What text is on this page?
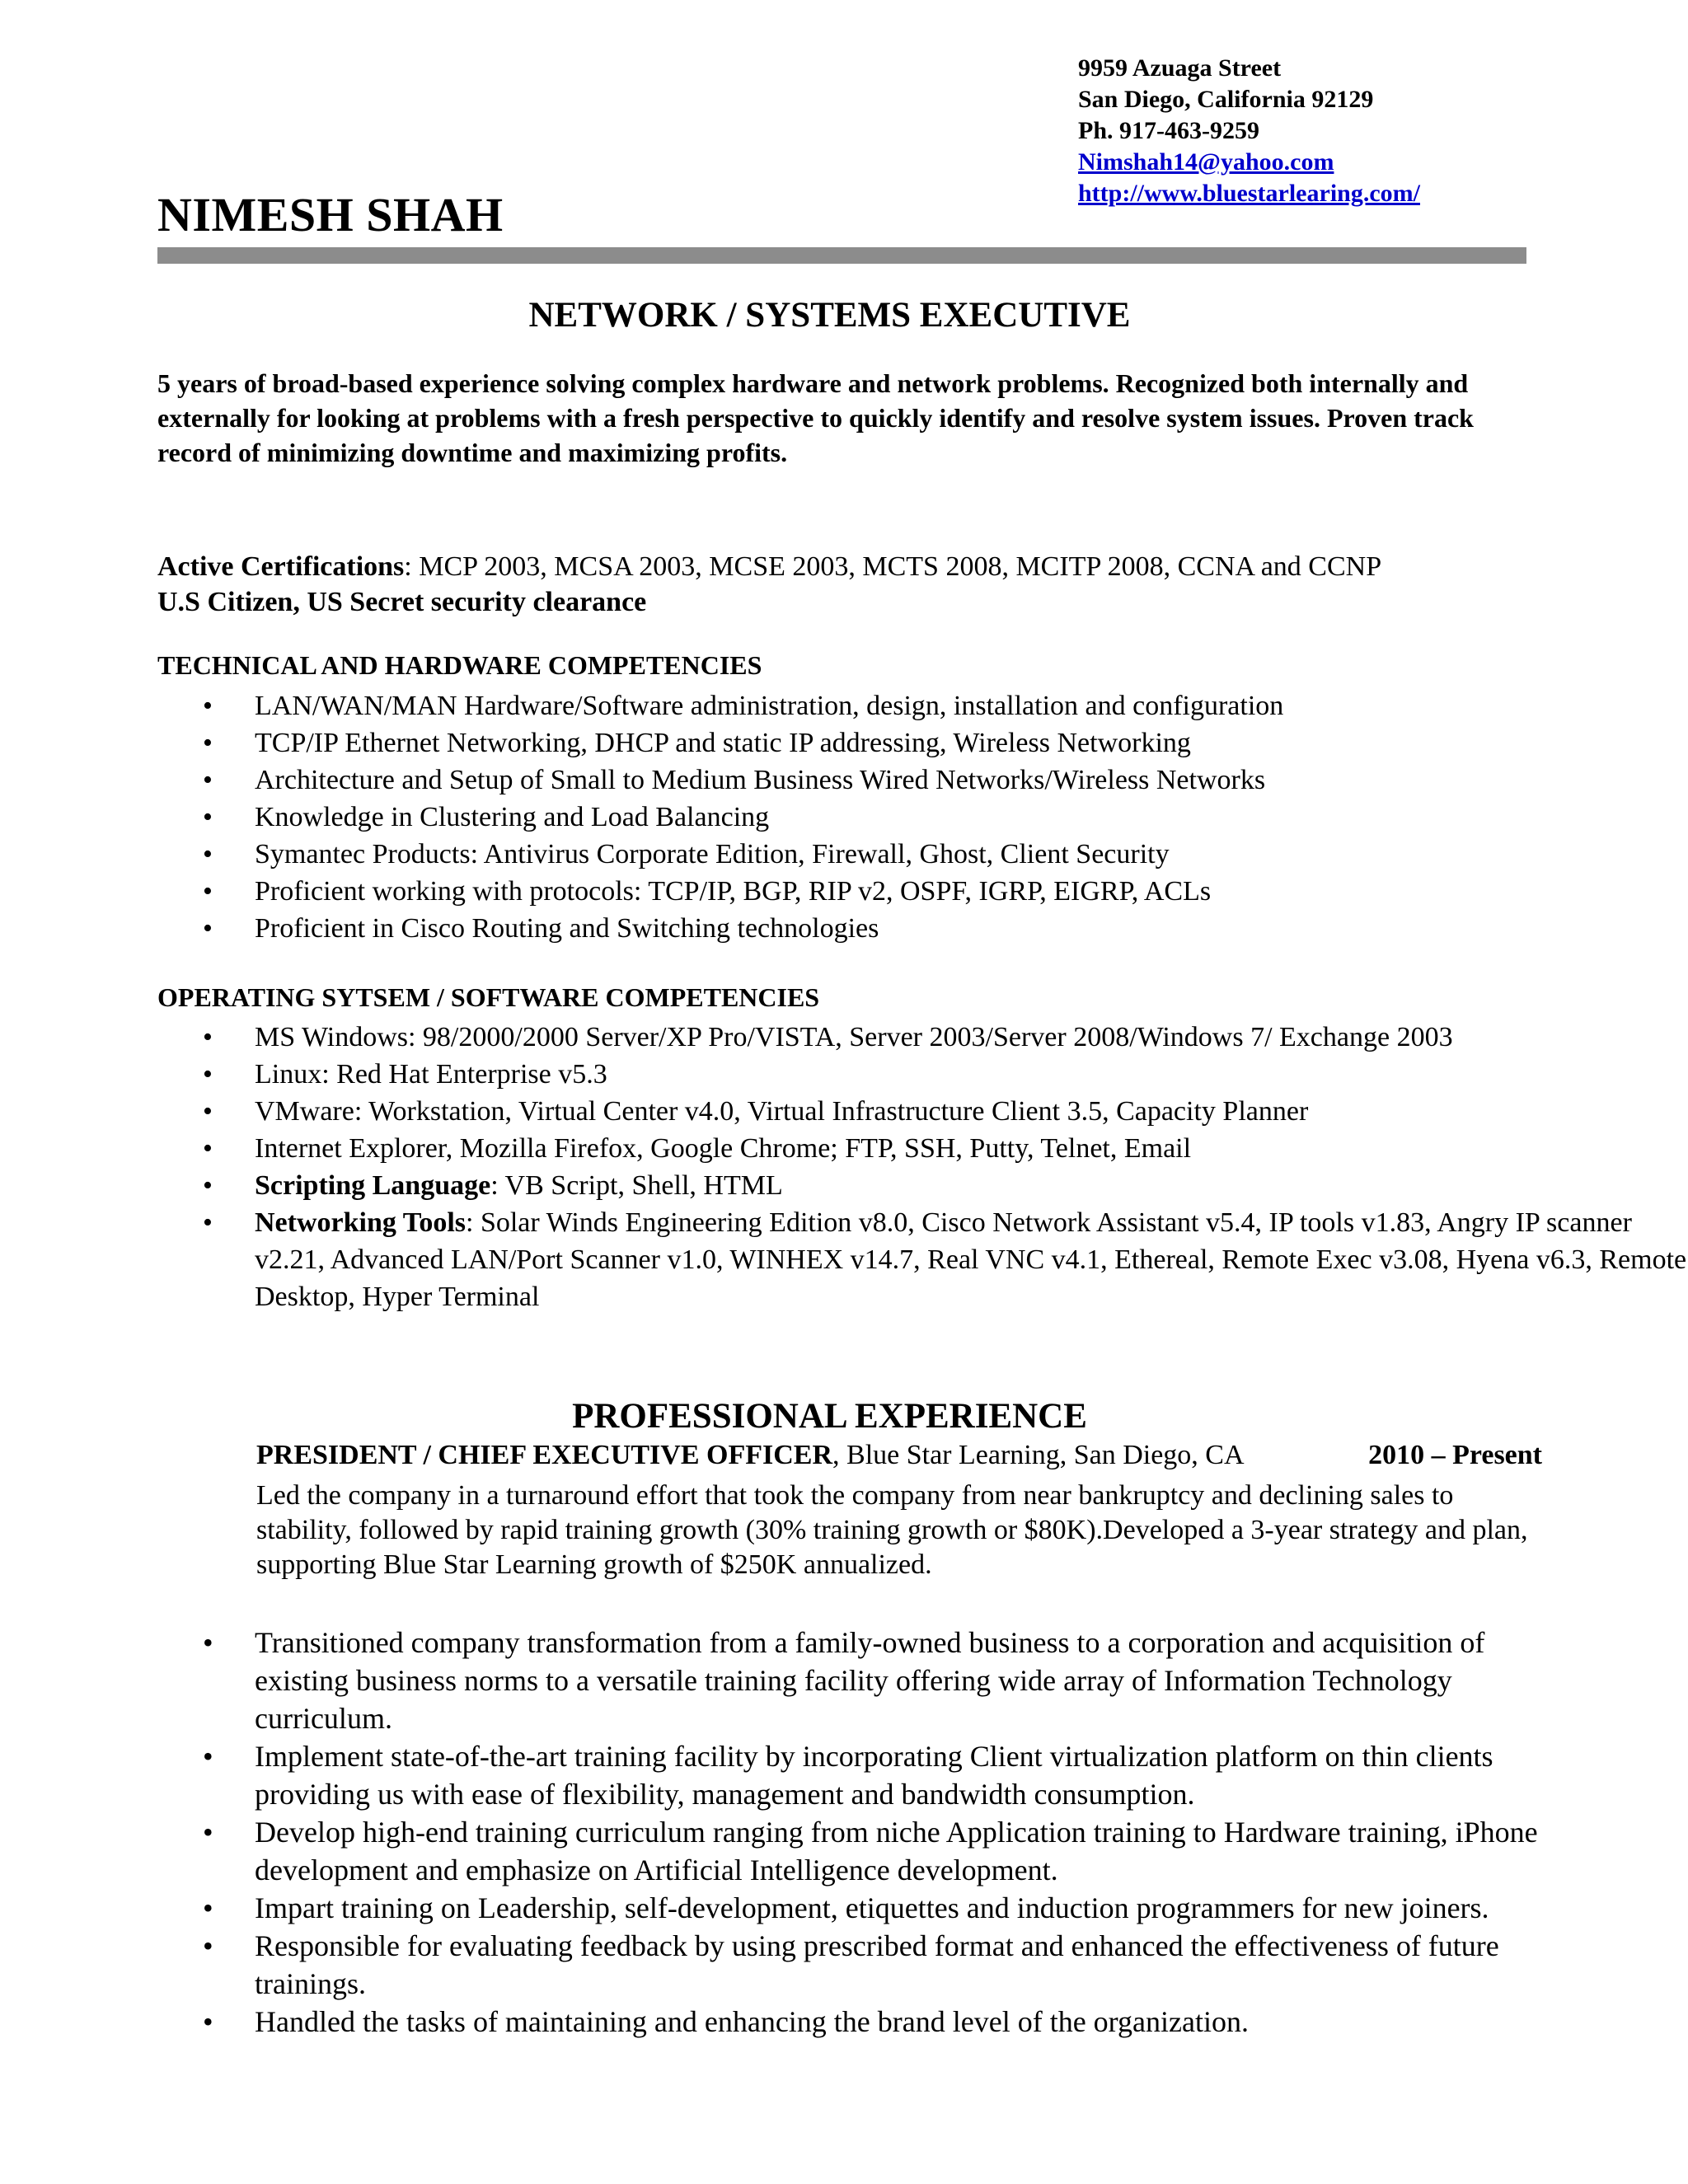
9959 Azuaga Street
San Diego, California 92129
Ph. 917-463-9259
Nimshah14@yahoo.com
http://www.bluestarlearing.com/
NIMESH SHAH
NETWORK / SYSTEMS EXECUTIVE
5 years of broad-based experience solving complex hardware and network problems. Recognized both internally and externally for looking at problems with a fresh perspective to quickly identify and resolve system issues. Proven track record of minimizing downtime and maximizing profits.
Active Certifications: MCP 2003, MCSA 2003, MCSE 2003, MCTS 2008, MCITP 2008, CCNA and CCNP
U.S Citizen, US Secret security clearance
TECHNICAL AND HARDWARE COMPETENCIES
• LAN/WAN/MAN Hardware/Software administration, design, installation and configuration
• TCP/IP Ethernet Networking, DHCP and static IP addressing, Wireless Networking
• Architecture and Setup of Small to Medium Business Wired Networks/Wireless Networks
• Knowledge in Clustering and Load Balancing
• Symantec Products: Antivirus Corporate Edition, Firewall, Ghost, Client Security
• Proficient working with protocols: TCP/IP, BGP, RIP v2, OSPF, IGRP, EIGRP, ACLs
• Proficient in Cisco Routing and Switching technologies
OPERATING SYTSEM / SOFTWARE COMPETENCIES
• MS Windows: 98/2000/2000 Server/XP Pro/VISTA, Server 2003/Server 2008/Windows 7/ Exchange 2003
• Linux: Red Hat Enterprise v5.3
• VMware: Workstation, Virtual Center v4.0, Virtual Infrastructure Client 3.5, Capacity Planner
• Internet Explorer, Mozilla Firefox, Google Chrome; FTP, SSH, Putty, Telnet, Email
• Scripting Language: VB Script, Shell, HTML
• Networking Tools: Solar Winds Engineering Edition v8.0, Cisco Network Assistant v5.4, IP tools v1.83, Angry IP scanner v2.21, Advanced LAN/Port Scanner v1.0, WINHEX v14.7, Real VNC v4.1, Ethereal, Remote Exec v3.08, Hyena v6.3, Remote Desktop, Hyper Terminal
PROFESSIONAL EXPERIENCE
PRESIDENT / CHIEF EXECUTIVE OFFICER, Blue Star Learning, San Diego, CA	2010 – Present
Led the company in a turnaround effort that took the company from near bankruptcy and declining sales to stability, followed by rapid training growth (30% training growth or $80K).Developed a 3-year strategy and plan, supporting Blue Star Learning growth of $250K annualized.
• Transitioned company transformation from a family-owned business to a corporation and acquisition of existing business norms to a versatile training facility offering wide array of Information Technology curriculum.
• Implement state-of-the-art training facility by incorporating Client virtualization platform on thin clients providing us with ease of flexibility, management and bandwidth consumption.
• Develop high-end training curriculum ranging from niche Application training to Hardware training, iPhone development and emphasize on Artificial Intelligence development.
• Impart training on Leadership, self-development, etiquettes and induction programmers for new joiners.
• Responsible for evaluating feedback by using prescribed format and enhanced the effectiveness of future trainings.
• Handled the tasks of maintaining and enhancing the brand level of the organization.
